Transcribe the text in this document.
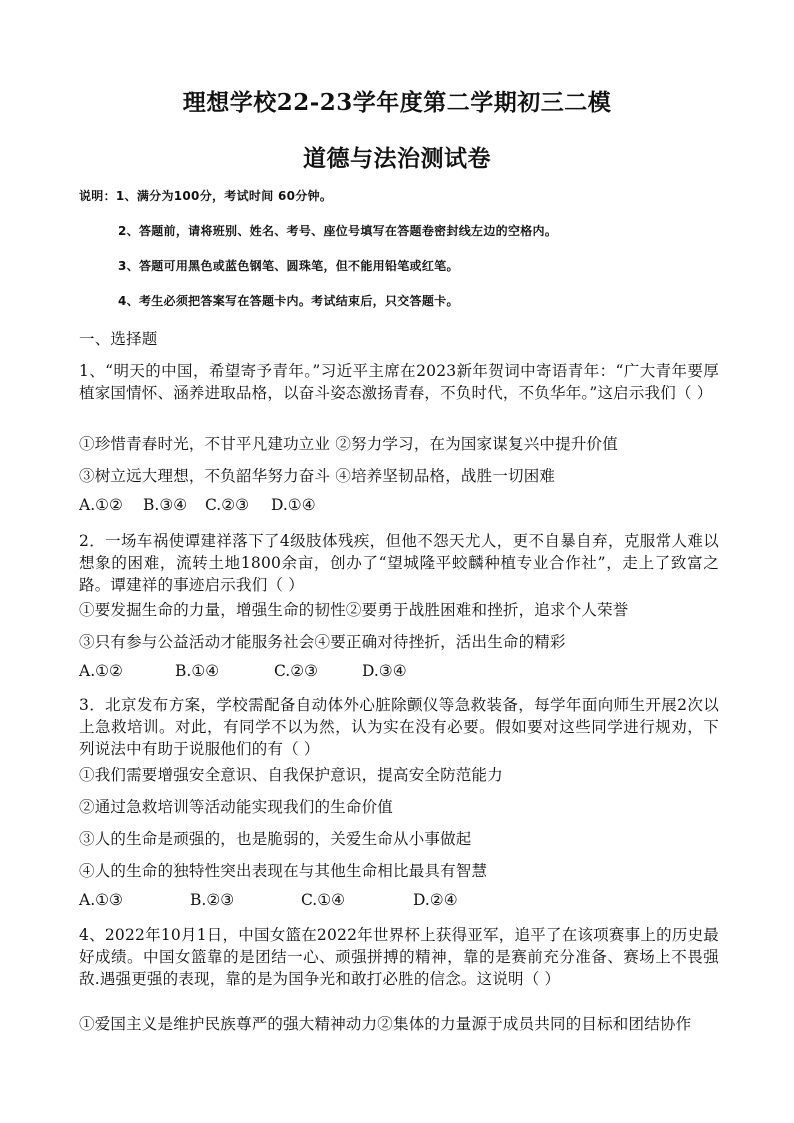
理想学校22-23学年度第二学期初三二模
道德与法治测试卷
说明：1、满分为100分，考试时间 60分钟。
2、答题前，请将班别、姓名、考号、座位号填写在答题卷密封线左边的空格内。
3、答题可用黑色或蓝色钢笔、圆珠笔，但不能用铅笔或红笔。
4、考生必须把答案写在答题卡内。考试结束后，只交答题卡。
一、选择题
1、“明天的中国，希望寄予青年。”习近平主席在2023新年贺词中寄语青年：“广大青年要厚植家国情怀、涵养进取品格，以奋斗姿态激扬青春，不负时代，不负华年。”这启示我们（ ）
①珍惜青春时光，不甘平凡建功立业 ②努力学习，在为国家谋复兴中提升价值
③树立远大理想，不负韶华努力奋斗 ④培养坚韧品格，战胜一切困难
A.①② B.③④ C.②③ D.①④
2．一场车祸使谭建祥落下了4级肢体残疾，但他不怨天尤人，更不自暴自弃，克服常人难以想象的困难，流转土地1800余亩，创办了“望城隆平蛟麟种植专业合作社”，走上了致富之路。谭建祥的事迹启示我们（ ）
①要发掘生命的力量，增强生命的韧性②要勇于战胜困难和挫折，追求个人荣誉
③只有参与公益活动才能服务社会④要正确对待挫折，活出生命的精彩
A.①②	B.①④	C.②③	D.③④
3．北京发布方案，学校需配备自动体外心脏除颤仪等急救装备，每学年面向师生开展2次以上急救培训。对此，有同学不以为然，认为实在没有必要。假如要对这些同学进行规劝，下列说法中有助于说服他们的有（ ）
①我们需要增强安全意识、自我保护意识，提高安全防范能力
②通过急救培训等活动能实现我们的生命价值
③人的生命是顽强的，也是脆弱的，关爱生命从小事做起
④人的生命的独特性突出表现在与其他生命相比最具有智慧
A.①③	B.②③	C.①④	D.②④
4、2022年10月1日，中国女篮在2022年世界杯上获得亚军，追平了在该项赛事上的历史最好成绩。中国女篮靠的是团结一心、顽强拼搏的精神，靠的是赛前充分准备、赛场上不畏强敌.遇强更强的表现，靠的是为国争光和敢打必胜的信念。这说明（ ）
①爱国主义是维护民族尊严的强大精神动力②集体的力量源于成员共同的目标和团结协作
